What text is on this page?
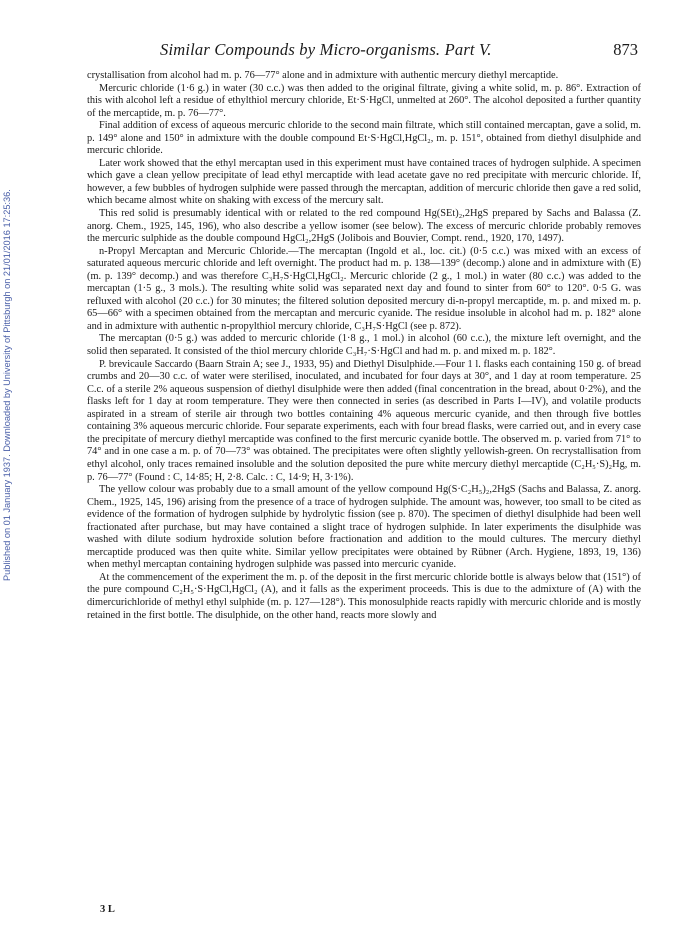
Published on 01 January 1937. Downloaded by University of Pittsburgh on 21/01/2016 17:25:36.
Similar Compounds by Micro-organisms. Part V.	873

crystallisation from alcohol had m. p. 76—77° alone and in admixture with authentic mercury diethyl mercaptide.

Mercuric chloride (1·6 g.) in water (30 c.c.) was then added to the original filtrate, giving a white solid, m. p. 86°. Extraction of this with alcohol left a residue of ethylthiol mercury chloride, Et·S·HgCl, unmelted at 260°. The alcohol deposited a further quantity of the mercaptide, m. p. 76—77°.

Final addition of excess of aqueous mercuric chloride to the second main filtrate, which still contained mercaptan, gave a solid, m. p. 149° alone and 150° in admixture with the double compound Et·S·HgCl,HgCl₂, m. p. 151°, obtained from diethyl disulphide and mercuric chloride.

Later work showed that the ethyl mercaptan used in this experiment must have contained traces of hydrogen sulphide. A specimen which gave a clean yellow precipitate of lead ethyl mercaptide with lead acetate gave no red precipitate with mercuric chloride. If, however, a few bubbles of hydrogen sulphide were passed through the mercaptan, addition of mercuric chloride then gave a red solid, which became almost white on shaking with excess of the mercury salt.

This red solid is presumably identical with or related to the red compound Hg(SEt)₂,2HgS prepared by Sachs and Balassa (Z. anorg. Chem., 1925, 145, 196), who also describe a yellow isomer (see below). The excess of mercuric chloride probably removes the mercuric sulphide as the double compound HgCl₂,2HgS (Jolibois and Bouvier, Compt. rend., 1920, 170, 1497).

n-Propyl Mercaptan and Mercuric Chloride.—The mercaptan (Ingold et al., loc. cit.) (0·5 c.c.) was mixed with an excess of saturated aqueous mercuric chloride and left overnight. The product had m. p. 138—139° (decomp.) alone and in admixture with (E) (m. p. 139° decomp.) and was therefore C₃H₇S·HgCl,HgCl₂. Mercuric chloride (2 g., 1 mol.) in water (80 c.c.) was added to the mercaptan (1·5 g., 3 mols.). The resulting white solid was separated next day and found to sinter from 60° to 120°. 0·5 G. was refluxed with alcohol (20 c.c.) for 30 minutes; the filtered solution deposited mercury di-n-propyl mercaptide, m. p. and mixed m. p. 65—66° with a specimen obtained from the mercaptan and mercuric cyanide. The residue insoluble in alcohol had m. p. 182° alone and in admixture with authentic n-propylthiol mercury chloride, C₃H₇S·HgCl (see p. 872).

The mercaptan (0·5 g.) was added to mercuric chloride (1·8 g., 1 mol.) in alcohol (60 c.c.), the mixture left overnight, and the solid then separated. It consisted of the thiol mercury chloride C₃H₇·S·HgCl and had m. p. and mixed m. p. 182°.

P. brevicaule Saccardo (Baarn Strain A; see J., 1933, 95) and Diethyl Disulphide.—Four 1 l. flasks each containing 150 g. of bread crumbs and 20—30 c.c. of water were sterilised, inoculated, and incubated for four days at 30°, and 1 day at room temperature. 25 C.c. of a sterile 2% aqueous suspension of diethyl disulphide were then added (final concentration in the bread, about 0·2%), and the flasks left for 1 day at room temperature. They were then connected in series (as described in Parts I—IV), and volatile products aspirated in a stream of sterile air through two bottles containing 4% aqueous mercuric cyanide, and then through five bottles containing 3% aqueous mercuric chloride. Four separate experiments, each with four bread flasks, were carried out, and in every case the precipitate of mercury diethyl mercaptide was confined to the first mercuric cyanide bottle. The observed m. p. varied from 71° to 74° and in one case a m. p. of 70—73° was obtained. The precipitates were often slightly yellowish-green. On recrystallisation from ethyl alcohol, only traces remained insoluble and the solution deposited the pure white mercury diethyl mercaptide (C₂H₅·S)₂Hg, m. p. 76—77° (Found : C, 14·85; H, 2·8. Calc. : C, 14·9; H, 3·1%).

The yellow colour was probably due to a small amount of the yellow compound Hg(S·C₂H₅)₂,2HgS (Sachs and Balassa, Z. anorg. Chem., 1925, 145, 196) arising from the presence of a trace of hydrogen sulphide. The amount was, however, too small to be cited as evidence of the formation of hydrogen sulphide by hydrolytic fission (see p. 870). The specimen of diethyl disulphide had been well fractionated after purchase, but may have contained a slight trace of hydrogen sulphide. In later experiments the disulphide was washed with dilute sodium hydroxide solution before fractionation and addition to the mould cultures. The mercury diethyl mercaptide produced was then quite white. Similar yellow precipitates were obtained by Rübner (Arch. Hygiene, 1893, 19, 136) when methyl mercaptan containing hydrogen sulphide was passed into mercuric cyanide.

At the commencement of the experiment the m. p. of the deposit in the first mercuric chloride bottle is always below that (151°) of the pure compound C₂H₅·S·HgCl,HgCl₂ (A), and it falls as the experiment proceeds. This is due to the admixture of (A) with the dimercurichloride of methyl ethyl sulphide (m. p. 127—128°). This monosulphide reacts rapidly with mercuric chloride and is mostly retained in the first bottle. The disulphide, on the other hand, reacts more slowly and

3 L
